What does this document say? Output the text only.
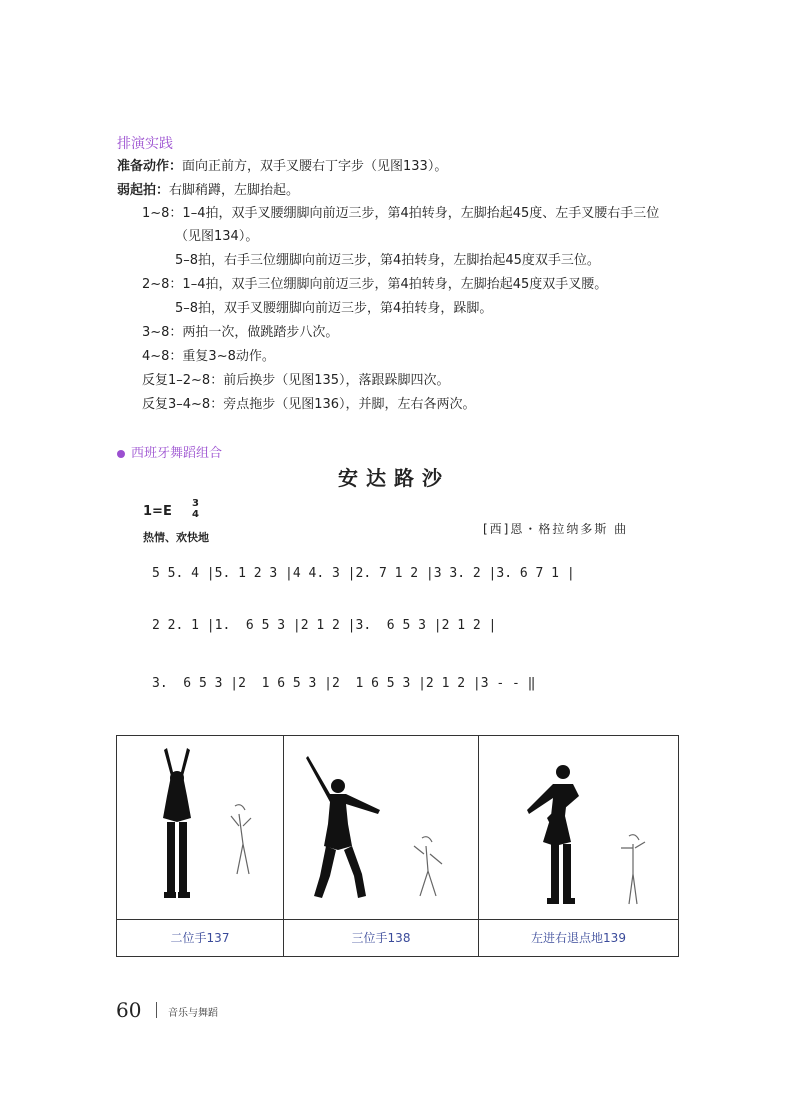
排演实践
准备动作：面向正前方，双手叉腰右丁字步（见图133）。
弱起拍：右脚稍蹲，左脚抬起。
1~8：1–4拍，双手叉腰绷脚向前迈三步，第4拍转身，左脚抬起45度、左手叉腰右手三位
（见图134）。
5–8拍，右手三位绷脚向前迈三步，第4拍转身，左脚抬起45度双手三位。
2~8：1–4拍，双手三位绷脚向前迈三步，第4拍转身，左脚抬起45度双手叉腰。
5–8拍，双手叉腰绷脚向前迈三步，第4拍转身，跺脚。
3~8：两拍一次，做跳踏步八次。
4~8：重复3~8动作。
反复1–2~8：前后换步（见图135），落跟跺脚四次。
反复3–4~8：旁点拖步（见图136），并脚，左右各两次。
西班牙舞蹈组合
安达路沙
1=E
3
4
热情、欢快地
[西]恩・格拉纳多斯 曲
5 5. 4 |5. 1 2 3 |4 4. 3 |2. 7 1 2 |3 3. 2 |3. 6 7 1 |
2 2. 1 |1.  6 5 3 |2 1 2 |3.  6 5 3 |2 1 2 |
3.  6 5 3 |2  1 6 5 3 |2  1 6 5 3 |2 1 2 |3 - - ‖
二位手137	三位手138	左进右退点地139
60	音乐与舞蹈
